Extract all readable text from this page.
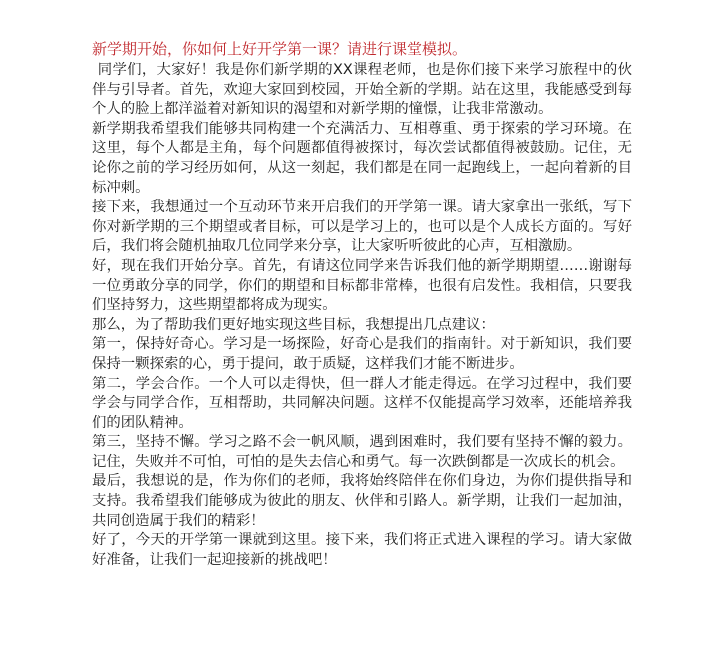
新学期开始，你如何上好开学第一课？请进行课堂模拟。

同学们，大家好！我是你们新学期的XX课程老师，也是你们接下来学习旅程中的伙伴与引导者。首先，欢迎大家回到校园，开始全新的学期。站在这里，我能感受到每个人的脸上都洋溢着对新知识的渴望和对新学期的憧憬，让我非常激动。

新学期我希望我们能够共同构建一个充满活力、互相尊重、勇于探索的学习环境。在这里，每个人都是主角，每个问题都值得被探讨，每次尝试都值得被鼓励。记住，无论你之前的学习经历如何，从这一刻起，我们都是在同一起跑线上，一起向着新的目标冲刺。

接下来，我想通过一个互动环节来开启我们的开学第一课。请大家拿出一张纸，写下你对新学期的三个期望或者目标，可以是学习上的，也可以是个人成长方面的。写好后，我们将会随机抽取几位同学来分享，让大家听听彼此的心声，互相激励。

好，现在我们开始分享。首先，有请这位同学来告诉我们他的新学期期望……谢谢每一位勇敢分享的同学，你们的期望和目标都非常棒，也很有启发性。我相信，只要我们坚持努力，这些期望都将成为现实。

那么，为了帮助我们更好地实现这些目标，我想提出几点建议：

第一，保持好奇心。学习是一场探险，好奇心是我们的指南针。对于新知识，我们要保持一颗探索的心，勇于提问，敢于质疑，这样我们才能不断进步。

第二，学会合作。一个人可以走得快，但一群人才能走得远。在学习过程中，我们要学会与同学合作，互相帮助，共同解决问题。这样不仅能提高学习效率，还能培养我们的团队精神。

第三，坚持不懈。学习之路不会一帆风顺，遇到困难时，我们要有坚持不懈的毅力。记住，失败并不可怕，可怕的是失去信心和勇气。每一次跌倒都是一次成长的机会。

最后，我想说的是，作为你们的老师，我将始终陪伴在你们身边，为你们提供指导和支持。我希望我们能够成为彼此的朋友、伙伴和引路人。新学期，让我们一起加油，共同创造属于我们的精彩！

好了，今天的开学第一课就到这里。接下来，我们将正式进入课程的学习。请大家做好准备，让我们一起迎接新的挑战吧！
